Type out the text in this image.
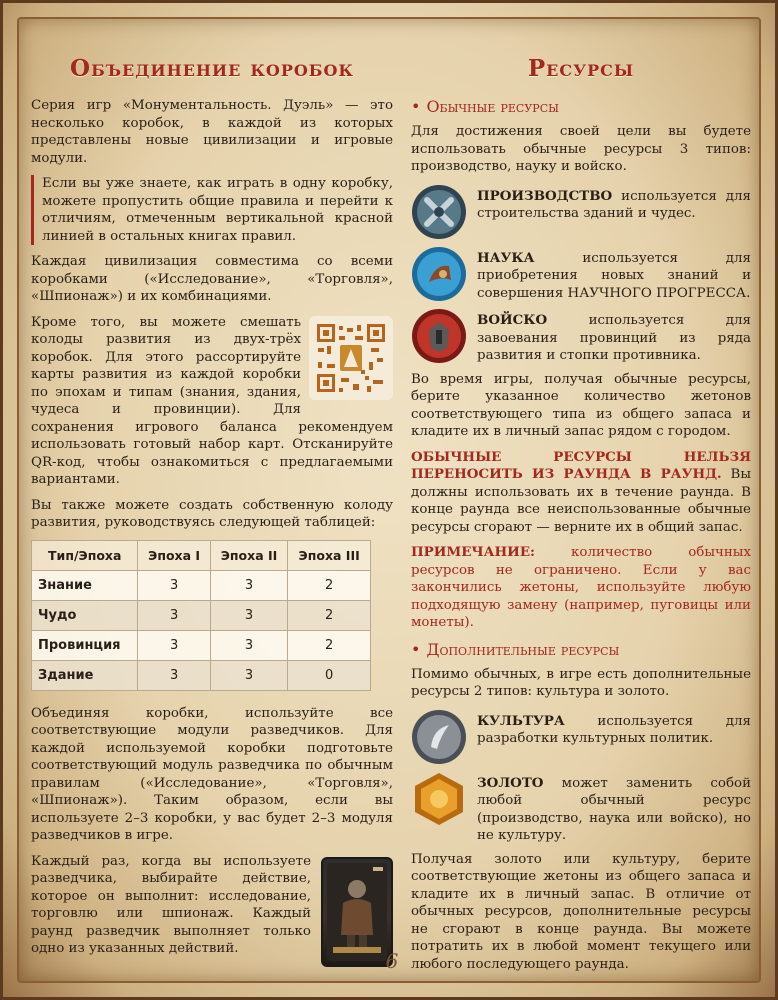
Объединение коробок

Серия игр «Монументальность. Дуэль» — это несколько коробок, в каждой из которых представлены новые цивилизации и игровые модули.

Если вы уже знаете, как играть в одну коробку, можете пропустить общие правила и перейти к отличиям, отмеченным вертикальной красной линией в остальных книгах правил.

Каждая цивилизация совместима со всеми коробками («Исследование», «Торговля», «Шпионаж») и их комбинациями.

Кроме того, вы можете смешать колоды развития из двух-трёх коробок. Для этого рассортируйте карты развития из каждой коробки по эпохам и типам (знания, здания, чудеса и провинции). Для сохранения игрового баланса рекомендуем использовать готовый набор карт. Отсканируйте QR-код, чтобы ознакомиться с предлагаемыми вариантами.

Вы также можете создать собственную колоду развития, руководствуясь следующей таблицей:

Тип/Эпоха	Эпоха I	Эпоха II	Эпоха III
Знание	3	3	2
Чудо	3	3	2
Провинция	3	3	2
Здание	3	3	0

Объединяя коробки, используйте все соответствующие модули разведчиков. Для каждой используемой коробки подготовьте соответствующий модуль разведчика по обычным правилам («Исследование», «Торговля», «Шпионаж»). Таким образом, если вы используете 2–3 коробки, у вас будет 2–3 модуля разведчиков в игре.

Каждый раз, когда вы используете разведчика, выбирайте действие, которое он выполнит: исследование, торговлю или шпионаж. Каждый раунд разведчик выполняет только одно из указанных действий.

Ресурсы
• Обычные ресурсы

Для достижения своей цели вы будете использовать обычные ресурсы 3 типов: производство, науку и войско.

ПРОИЗВОДСТВО используется для строительства зданий и чудес.

НАУКА используется для приобретения новых знаний и совершения НАУЧНОГО ПРОГРЕССА.

ВОЙСКО используется для завоевания провинций из ряда развития и стопки противника.

Во время игры, получая обычные ресурсы, берите указанное количество жетонов соответствующего типа из общего запаса и кладите их в личный запас рядом с городом.

ОБЫЧНЫЕ РЕСУРСЫ НЕЛЬЗЯ ПЕРЕНОСИТЬ ИЗ РАУНДА В РАУНД. Вы должны использовать их в течение раунда. В конце раунда все неиспользованные обычные ресурсы сгорают — верните их в общий запас.

ПРИМЕЧАНИЕ: количество обычных ресурсов не ограничено. Если у вас закончились жетоны, используйте любую подходящую замену (например, пуговицы или монеты).

• Дополнительные ресурсы

Помимо обычных, в игре есть дополнительные ресурсы 2 типов: культура и золото.

КУЛЬТУРА используется для разработки культурных политик.

ЗОЛОТО может заменить собой любой обычный ресурс (производство, наука или войско), но не культуру.

Получая золото или культуру, берите соответствующие жетоны из общего запаса и кладите их в личный запас. В отличие от обычных ресурсов, дополнительные ресурсы не сгорают в конце раунда. Вы можете потратить их в любой момент текущего или любого последующего раунда.

6
